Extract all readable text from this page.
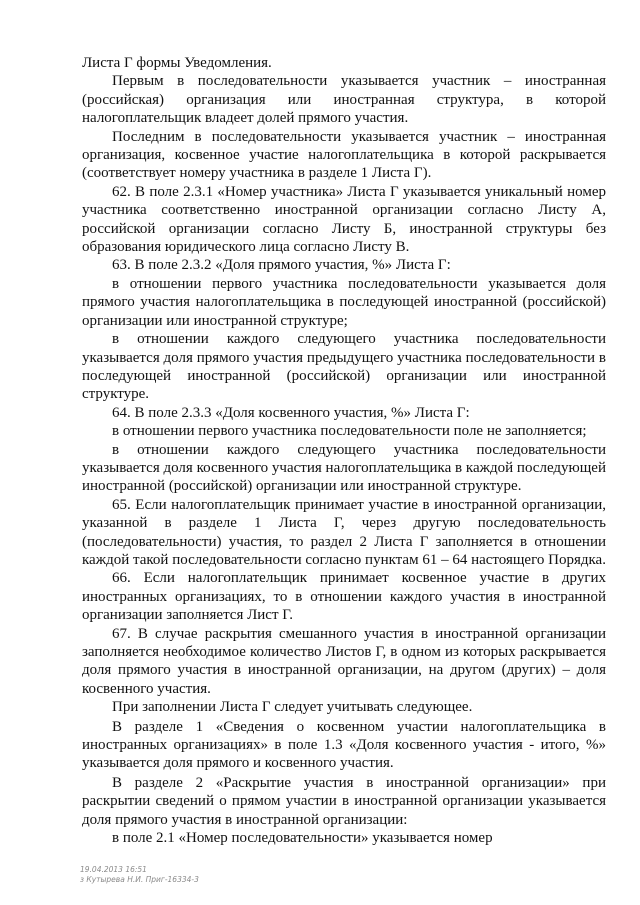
Листа Г формы Уведомления.

Первым в последовательности указывается участник – иностранная (российская) организация или иностранная структура, в которой налогоплательщик владеет долей прямого участия.

Последним в последовательности указывается участник – иностранная организация, косвенное участие налогоплательщика в которой раскрывается (соответствует номеру участника в разделе 1 Листа Г).

62. В поле 2.3.1 «Номер участника» Листа Г указывается уникальный номер участника соответственно иностранной организации согласно Листу А, российской организации согласно Листу Б, иностранной структуры без образования юридического лица согласно Листу В.

63. В поле 2.3.2 «Доля прямого участия, %» Листа Г:

в отношении первого участника последовательности указывается доля прямого участия налогоплательщика в последующей иностранной (российской) организации или иностранной структуре;

в отношении каждого следующего участника последовательности указывается доля прямого участия предыдущего участника последовательности в последующей иностранной (российской) организации или иностранной структуре.

64. В поле 2.3.3 «Доля косвенного участия, %» Листа Г:

в отношении первого участника последовательности поле не заполняется;

в отношении каждого следующего участника последовательности указывается доля косвенного участия налогоплательщика в каждой последующей иностранной (российской) организации или иностранной структуре.

65. Если налогоплательщик принимает участие в иностранной организации, указанной в разделе 1 Листа Г, через другую последовательность (последовательности) участия, то раздел 2 Листа Г заполняется в отношении каждой такой последовательности согласно пунктам 61 – 64 настоящего Порядка.

66. Если налогоплательщик принимает косвенное участие в других иностранных организациях, то в отношении каждого участия в иностранной организации заполняется Лист Г.

67. В случае раскрытия смешанного участия в иностранной организации заполняется необходимое количество Листов Г, в одном из которых раскрывается доля прямого участия в иностранной организации, на другом (других) – доля косвенного участия.

При заполнении Листа Г следует учитывать следующее.

В разделе 1 «Сведения о косвенном участии налогоплательщика в иностранных организациях» в поле 1.3 «Доля косвенного участия - итого, %» указывается доля прямого и косвенного участия.

В разделе 2 «Раскрытие участия в иностранной организации» при раскрытии сведений о прямом участии в иностранной организации указывается доля прямого участия в иностранной организации:

в поле 2.1 «Номер последовательности» указывается номер

19.04.2013 16:51
з Кутырева Н.И. Приг-16334-3
